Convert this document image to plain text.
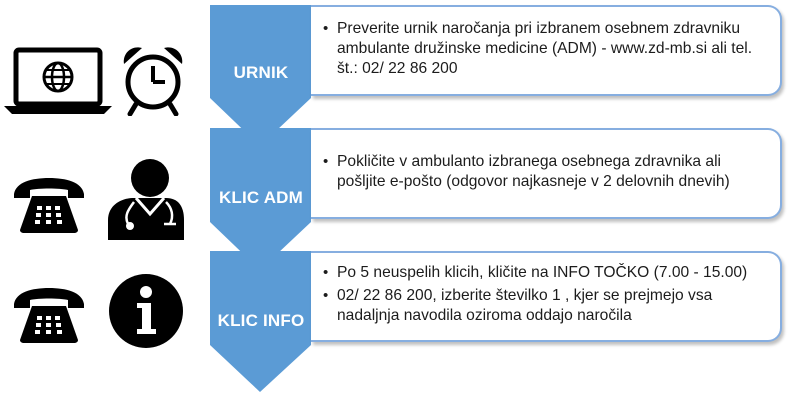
URNIK
KLIC ADM
KLIC INFO
• Preverite urnik naročanja pri izbranem osebnem zdravniku ambulante družinske medicine (ADM) - www.zd-mb.si ali tel. št.: 02/ 22 86 200
• Pokličite v ambulanto izbranega osebnega zdravnika ali pošljite e-pošto (odgovor najkasneje v 2 delovnih dnevih)
• Po 5 neuspelih klicih, kličite na INFO TOČKO (7.00 - 15.00)
• 02/ 22 86 200, izberite številko 1 , kjer se prejmejo vsa nadaljnja navodila oziroma oddajo naročila
